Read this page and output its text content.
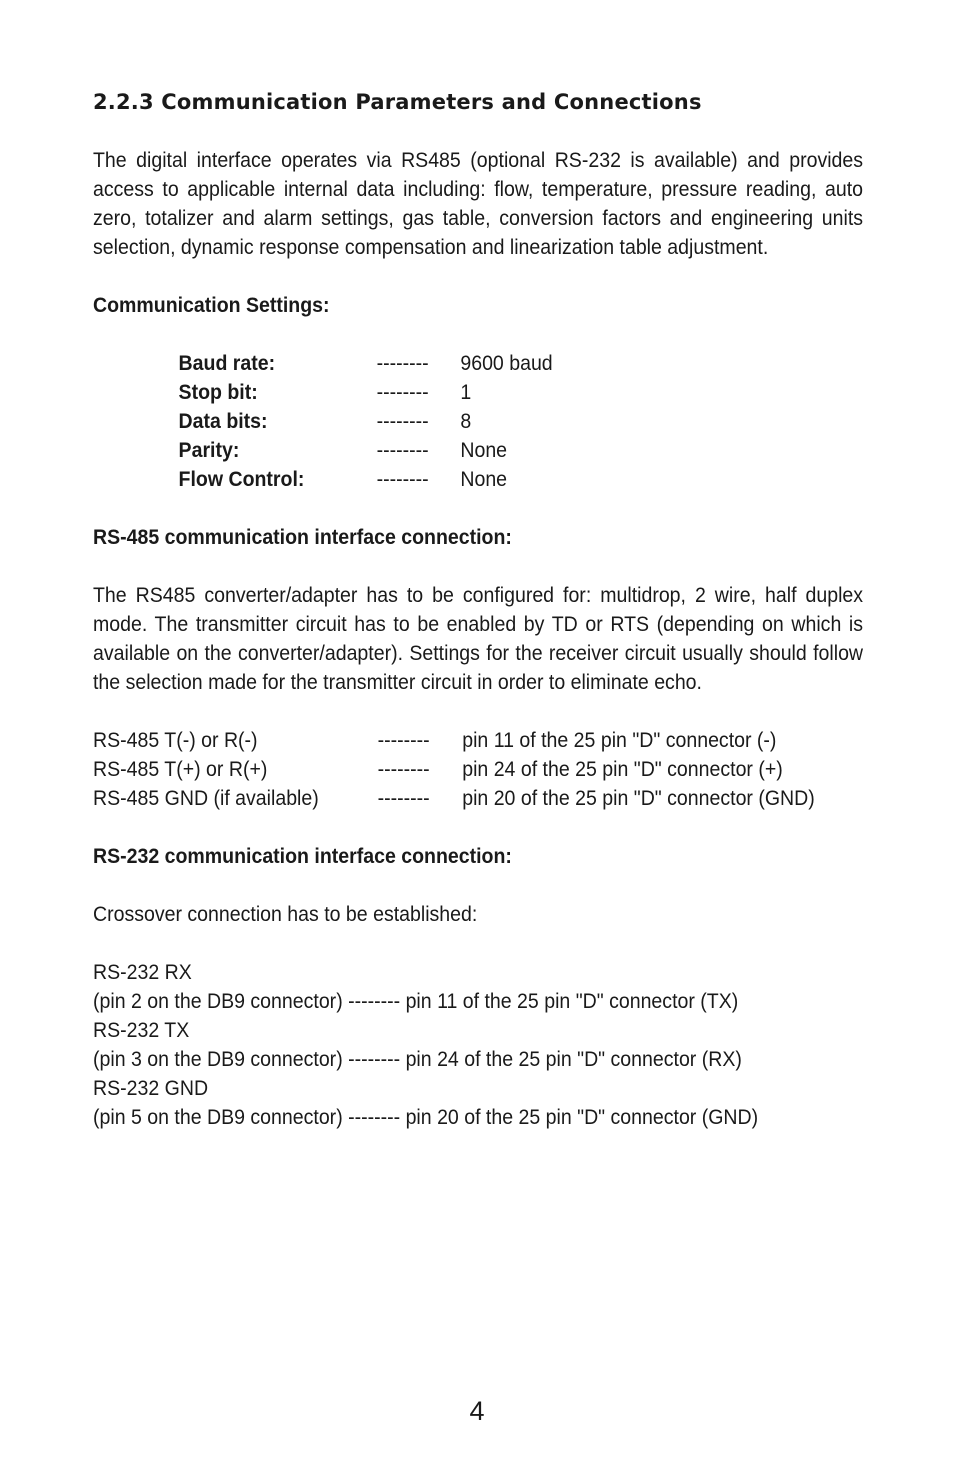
2.2.3 Communication Parameters and Connections

The digital interface operates via RS485 (optional RS-232 is available) and provides access to applicable internal data including: flow, temperature, pressure reading, auto zero, totalizer and alarm settings, gas table, conversion factors and engineering units selection, dynamic response compensation and linearization table adjustment.

Communication Settings:

Baud rate:	--------	9600 baud
Stop bit:	--------	1
Data bits:	--------	8
Parity:	--------	None
Flow Control:	--------	None

RS-485 communication interface connection:

The RS485 converter/adapter has to be configured for: multidrop, 2 wire, half duplex mode. The transmitter circuit has to be enabled by TD or RTS (depending on which is available on the converter/adapter). Settings for the receiver circuit usually should follow the selection made for the transmitter circuit in order to eliminate echo.

RS-485 T(-) or R(-)	--------	pin 11 of the 25 pin "D" connector (-)
RS-485 T(+) or R(+)	--------	pin 24 of the 25 pin "D" connector (+)
RS-485 GND (if available)	--------	pin 20 of the 25 pin "D" connector (GND)

RS-232 communication interface connection:

Crossover connection has to be established:

RS-232 RX

(pin 2 on the DB9 connector) -------- pin 11 of the 25 pin "D" connector (TX)

RS-232 TX

(pin 3 on the DB9 connector) -------- pin 24 of the 25 pin "D" connector (RX)

RS-232 GND

(pin 5 on the DB9 connector) -------- pin 20 of the 25 pin "D" connector (GND)

4
